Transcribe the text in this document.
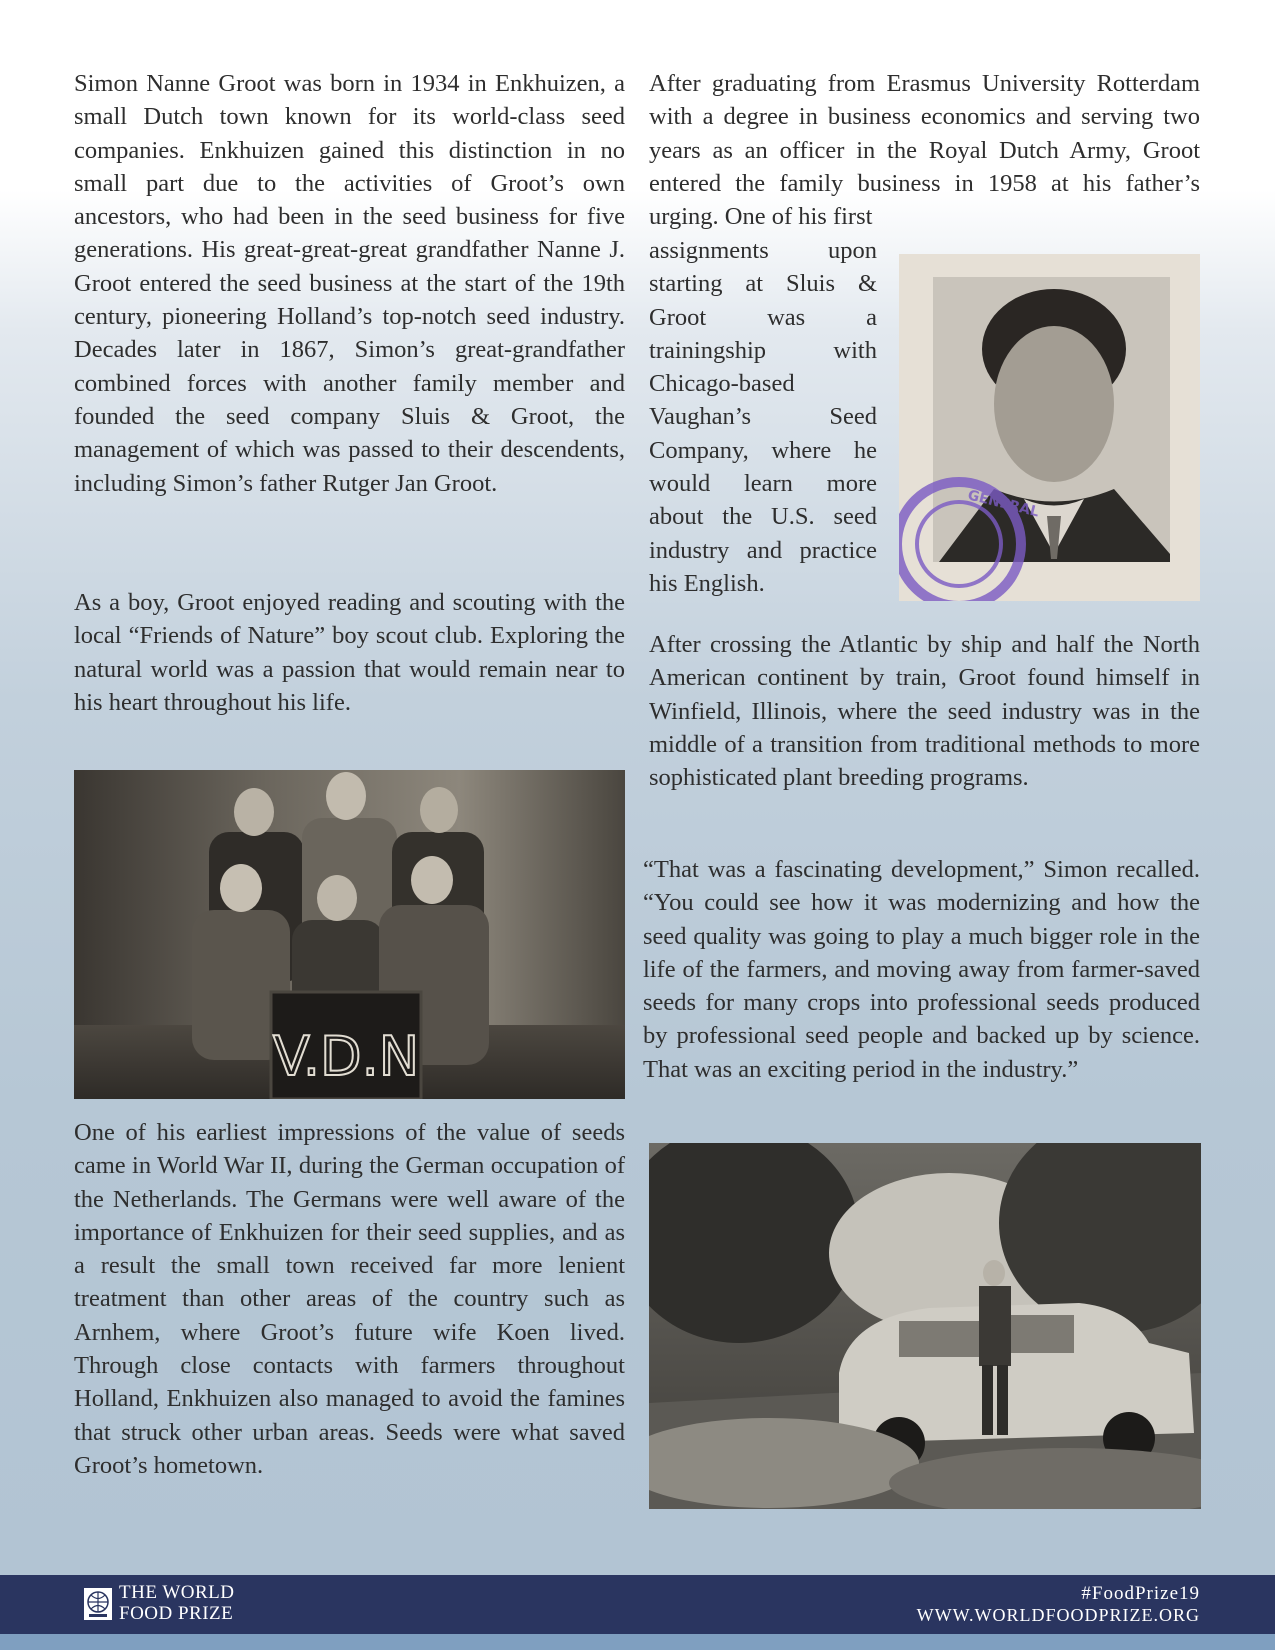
Simon Nanne Groot was born in 1934 in Enkhuizen, a small Dutch town known for its world-class seed companies. Enkhuizen gained this distinction in no small part due to the activities of Groot’s own ancestors, who had been in the seed business for five generations. His great-great-great grandfather Nanne J. Groot entered the seed business at the start of the 19th century, pioneering Holland’s top-notch seed industry. Decades later in 1867, Simon’s great-grandfather combined forces with another family member and founded the seed company Sluis & Groot, the management of which was passed to their descendents, including Simon’s father Rutger Jan Groot.

As a boy, Groot enjoyed reading and scouting with the local “Friends of Nature” boy scout club. Exploring the natural world was a passion that would remain near to his heart throughout his life.

V.D.N

One of his earliest impressions of the value of seeds came in World War II, during the German occupation of the Netherlands. The Germans were well aware of the importance of Enkhuizen for their seed supplies, and as a result the small town received far more lenient treatment than other areas of the country such as Arnhem, where Groot’s future wife Koen lived. Through close contacts with farmers throughout Holland, Enkhuizen also managed to avoid the famines that struck other urban areas. Seeds were what saved Groot’s hometown.

After graduating from Erasmus University Rotterdam with a degree in business economics and serving two years as an officer in the Royal Dutch Army, Groot entered the family business in 1958 at his father’s urging. One of his first

assignments upon starting at Sluis & Groot was a trainingship with Chicago-based Vaughan’s Seed Company, where he would learn more about the U.S. seed industry and practice his English.

GENERAL

After crossing the Atlantic by ship and half the North American continent by train, Groot found himself in Winfield, Illinois, where the seed industry was in the middle of a transition from traditional methods to more sophisticated plant breeding programs.

“That was a fascinating development,” Simon recalled. “You could see how it was modernizing and how the seed quality was going to play a much bigger role in the life of the farmers, and moving away from farmer-saved seeds for many crops into professional seeds produced by professional seed people and backed up by science. That was an exciting period in the industry.”

THE WORLD
FOOD PRIZE
#FoodPrize19
WWW.WORLDFOODPRIZE.ORG
